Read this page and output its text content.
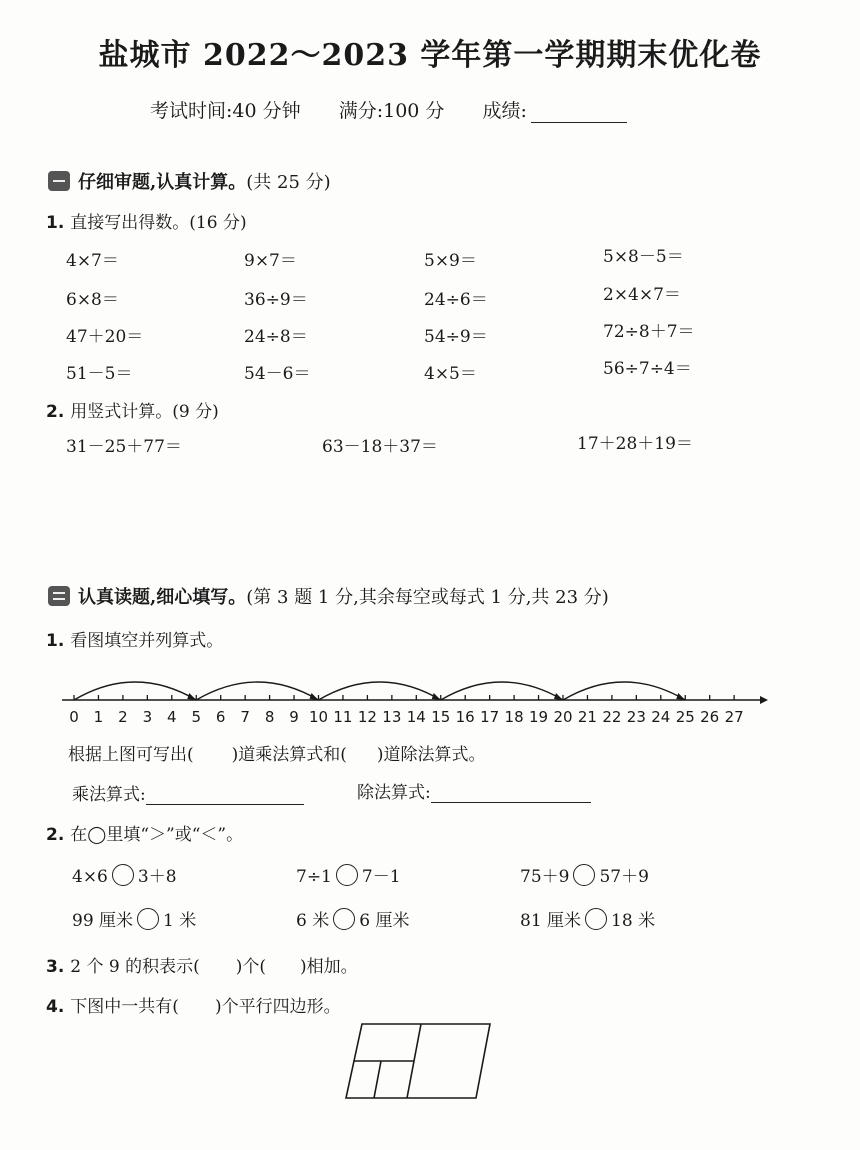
盐城市 2022～2023 学年第一学期期末优化卷
考试时间:40 分钟 满分:100 分 成绩:
仔细审题,认真计算。(共 25 分)
1. 直接写出得数。(16 分)
4×7＝	9×7＝	5×9＝	5×8－5＝
6×8＝	36÷9＝	24÷6＝	2×4×7＝
47＋20＝	24÷8＝	54÷9＝	72÷8＋7＝
51－5＝	54－6＝	4×5＝	56÷7÷4＝
2. 用竖式计算。(9 分)
31－25＋77＝	63－18＋37＝	17＋28＋19＝
认真读题,细心填写。(第 3 题 1 分,其余每空或每式 1 分,共 23 分)
1. 看图填空并列算式。
0 1 2 3 4 5 6 7 8 9 10 11 12 13 14 15 16 17 18 19 20 21 22 23 24 25 26 27
根据上图可写出( )道乘法算式和( )道除法算式。
乘法算式:	除法算式:
2. 在◯里填“＞”或“＜”。
4×6 3＋8	7÷1 7－1	75＋9 57＋9
99 厘米 1 米	6 米 6 厘米	81 厘米 18 米
3. 2 个 9 的积表示( )个( )相加。
4. 下图中一共有( )个平行四边形。
